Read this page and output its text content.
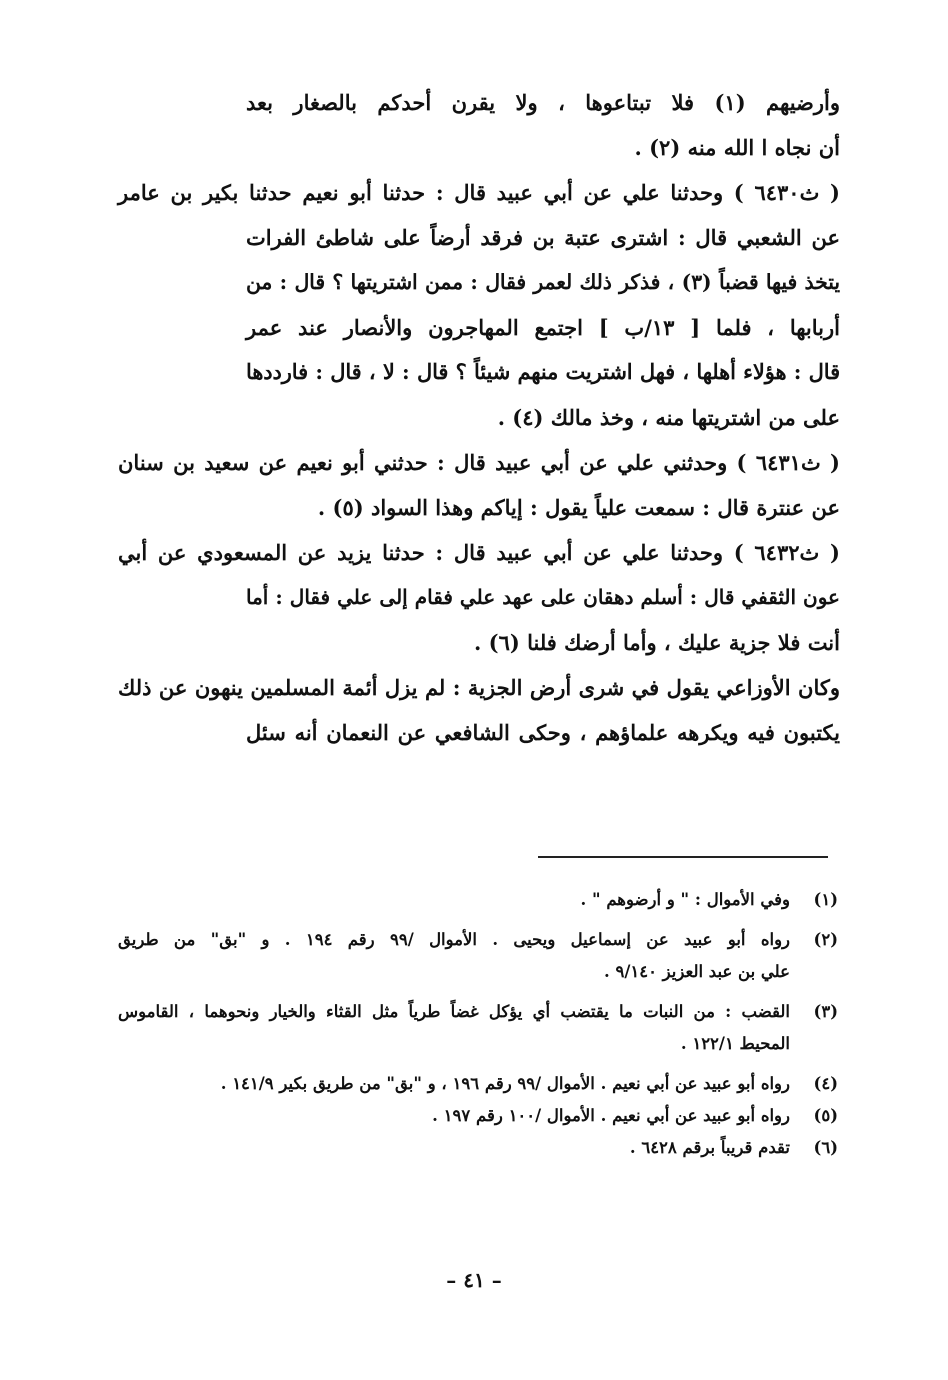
وأرضيهم (١) فلا تبتاعوها ، ولا يقرن أحدكم بالصغار بعد
أن نجاه ا الله منه (٢) .
( ث٦٤٣٠ ) وحدثنا علي عن أبي عبيد قال : حدثنا أبو نعيم حدثنا بكير بن عامر
عن الشعبي قال : اشترى عتبة بن فرقد أرضاً على شاطئ الفرات
يتخذ فيها قضباً (٣) ، فذكر ذلك لعمر فقال : ممن اشتريتها ؟ قال : من
أربابها ، فلما [ ١٣/ب ] اجتمع المهاجرون والأنصار عند عمر
قال : هؤلاء أهلها ، فهل اشتريت منهم شيئاً ؟ قال : لا ، قال : فارددها
على من اشتريتها منه ، وخذ مالك (٤) .
( ث٦٤٣١ ) وحدثني علي عن أبي عبيد قال : حدثني أبو نعيم عن سعيد بن سنان
عن عنترة قال : سمعت علياً يقول : إياكم وهذا السواد (٥) .
( ث٦٤٣٢ ) وحدثنا علي عن أبي عبيد قال : حدثنا يزيد عن المسعودي عن أبي
عون الثقفي قال : أسلم دهقان على عهد علي فقام إلى علي فقال : أما
أنت فلا جزية عليك ، وأما أرضك فلنا (٦) .
وكان الأوزاعي يقول في شرى أرض الجزية : لم يزل أئمة المسلمين ينهون عن ذلك
يكتبون فيه ويكرهه علماؤهم ، وحكى الشافعي عن النعمان أنه سئل
(١)
وفي الأموال : " و أرضوهم " .
(٢)
رواه أبو عبيد عن إسماعيل ويحيى . الأموال /٩٩ رقم ١٩٤ . و "بق" من طريق
علي بن عبد العزيز ٩/١٤٠ .
(٣)
القضب : من النبات ما يقتضب أي يؤكل غضاً طرياً مثل القثاء والخيار ونحوهما ، القاموس
المحيط ١٢٢/١ .
(٤)
رواه أبو عبيد عن أبي نعيم . الأموال /٩٩ رقم ١٩٦ ، و "بق" من طريق بكير ١٤١/٩ .
(٥)
رواه أبو عبيد عن أبي نعيم . الأموال /١٠٠ رقم ١٩٧ .
(٦)
تقدم قريباً برقم ٦٤٢٨ .
– ٤١ –
